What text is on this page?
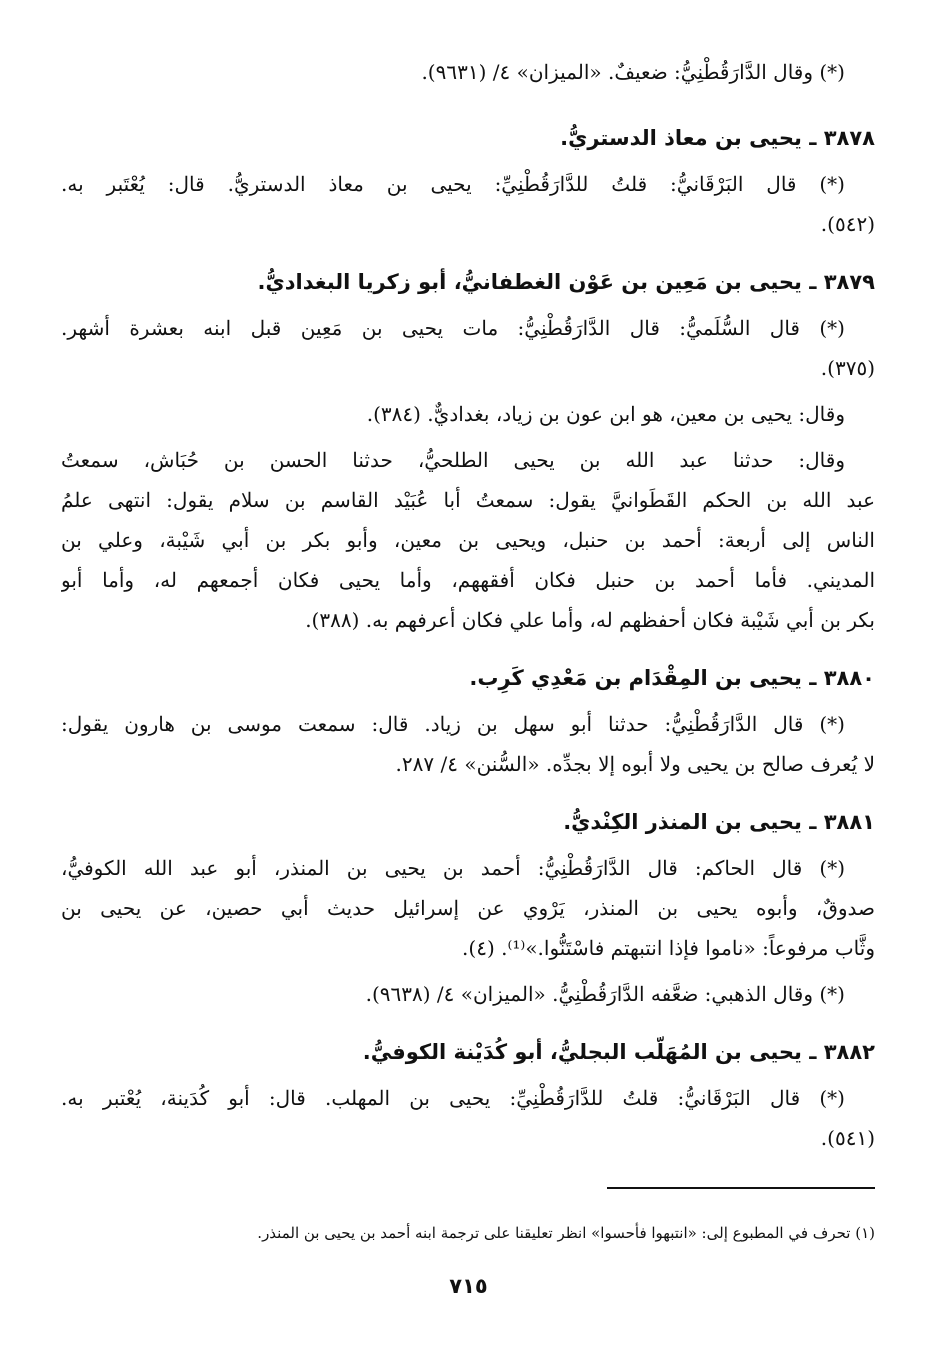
(*) وقال الدَّارَقُطْنِيُّ: ضعيفٌ. «الميزان» ٤/ (٩٦٣١).
٣٨٧٨ ـ يحيى بن معاذ الدستريُّ.
(*) قال البَرْقَانيُّ: قلتُ للدَّارَقُطْنِيِّ: يحيى بن معاذ الدستريُّ. قال: يُعْتَبر به.
(٥٤٢).
٣٨٧٩ ـ يحيى بن مَعِين بن عَوْن الغطفانيُّ، أبو زكريا البغداديُّ.
(*) قال السُّلَميُّ: قال الدَّارَقُطْنِيُّ: مات يحيى بن مَعِين قبل ابنه بعشرة أشهر.
(٣٧٥).
وقال: يحيى بن معين، هو ابن عون بن زياد، بغداديٌّ. (٣٨٤).
وقال: حدثنا عبد الله بن يحيى الطلحيُّ، حدثنا الحسن بن حُبَاش، سمعتُ
عبد الله بن الحكم القَطَوانيَّ يقول: سمعتُ أبا عُبَيْد القاسم بن سلام يقول: انتهى علمُ
الناس إلى أربعة: أحمد بن حنبل، ويحيى بن معين، وأبو بكر بن أبي شَيْبة، وعلي بن
المديني. فأما أحمد بن حنبل فكان أفقههم، وأما يحيى فكان أجمعهم له، وأما أبو
بكر بن أبي شَيْبة فكان أحفظهم له، وأما علي فكان أعرفهم به. (٣٨٨).
٣٨٨٠ ـ يحيى بن المِقْدَام بن مَعْدِي كَرِب.
(*) قال الدَّارَقُطْنِيُّ: حدثنا أبو سهل بن زياد. قال: سمعت موسى بن هارون يقول:
لا يُعرف صالح بن يحيى ولا أبوه إلا بجدِّه. «السُّنن» ٤/ ٢٨٧.
٣٨٨١ ـ يحيى بن المنذر الكِنْديُّ.
(*) قال الحاكم: قال الدَّارَقُطْنِيُّ: أحمد بن يحيى بن المنذر، أبو عبد الله الكوفيُّ،
صدوقٌ، وأبوه يحيى بن المنذر، يَرْوي عن إسرائيل حديث أبي حصين، عن يحيى بن
وثَّاب مرفوعاً: «ناموا فإذا انتبهتم فاسْتَنُّوا.»⁽¹⁾. (٤).
(*) وقال الذهبي: ضعَّفه الدَّارَقُطْنِيُّ. «الميزان» ٤/ (٩٦٣٨).
٣٨٨٢ ـ يحيى بن المُهَلَّب البجليُّ، أبو كُدَيْنة الكوفيُّ.
(*) قال البَرْقَانيُّ: قلتُ للدَّارَقُطْنِيِّ: يحيى بن المهلب. قال: أبو كُدَينة، يُعْتبر به.
(٥٤١).
(١) تحرف في المطبوع إلى: «انتبهوا فأحسوا» انظر تعليقنا على ترجمة ابنه أحمد بن يحيى بن المنذر.
٧١٥
